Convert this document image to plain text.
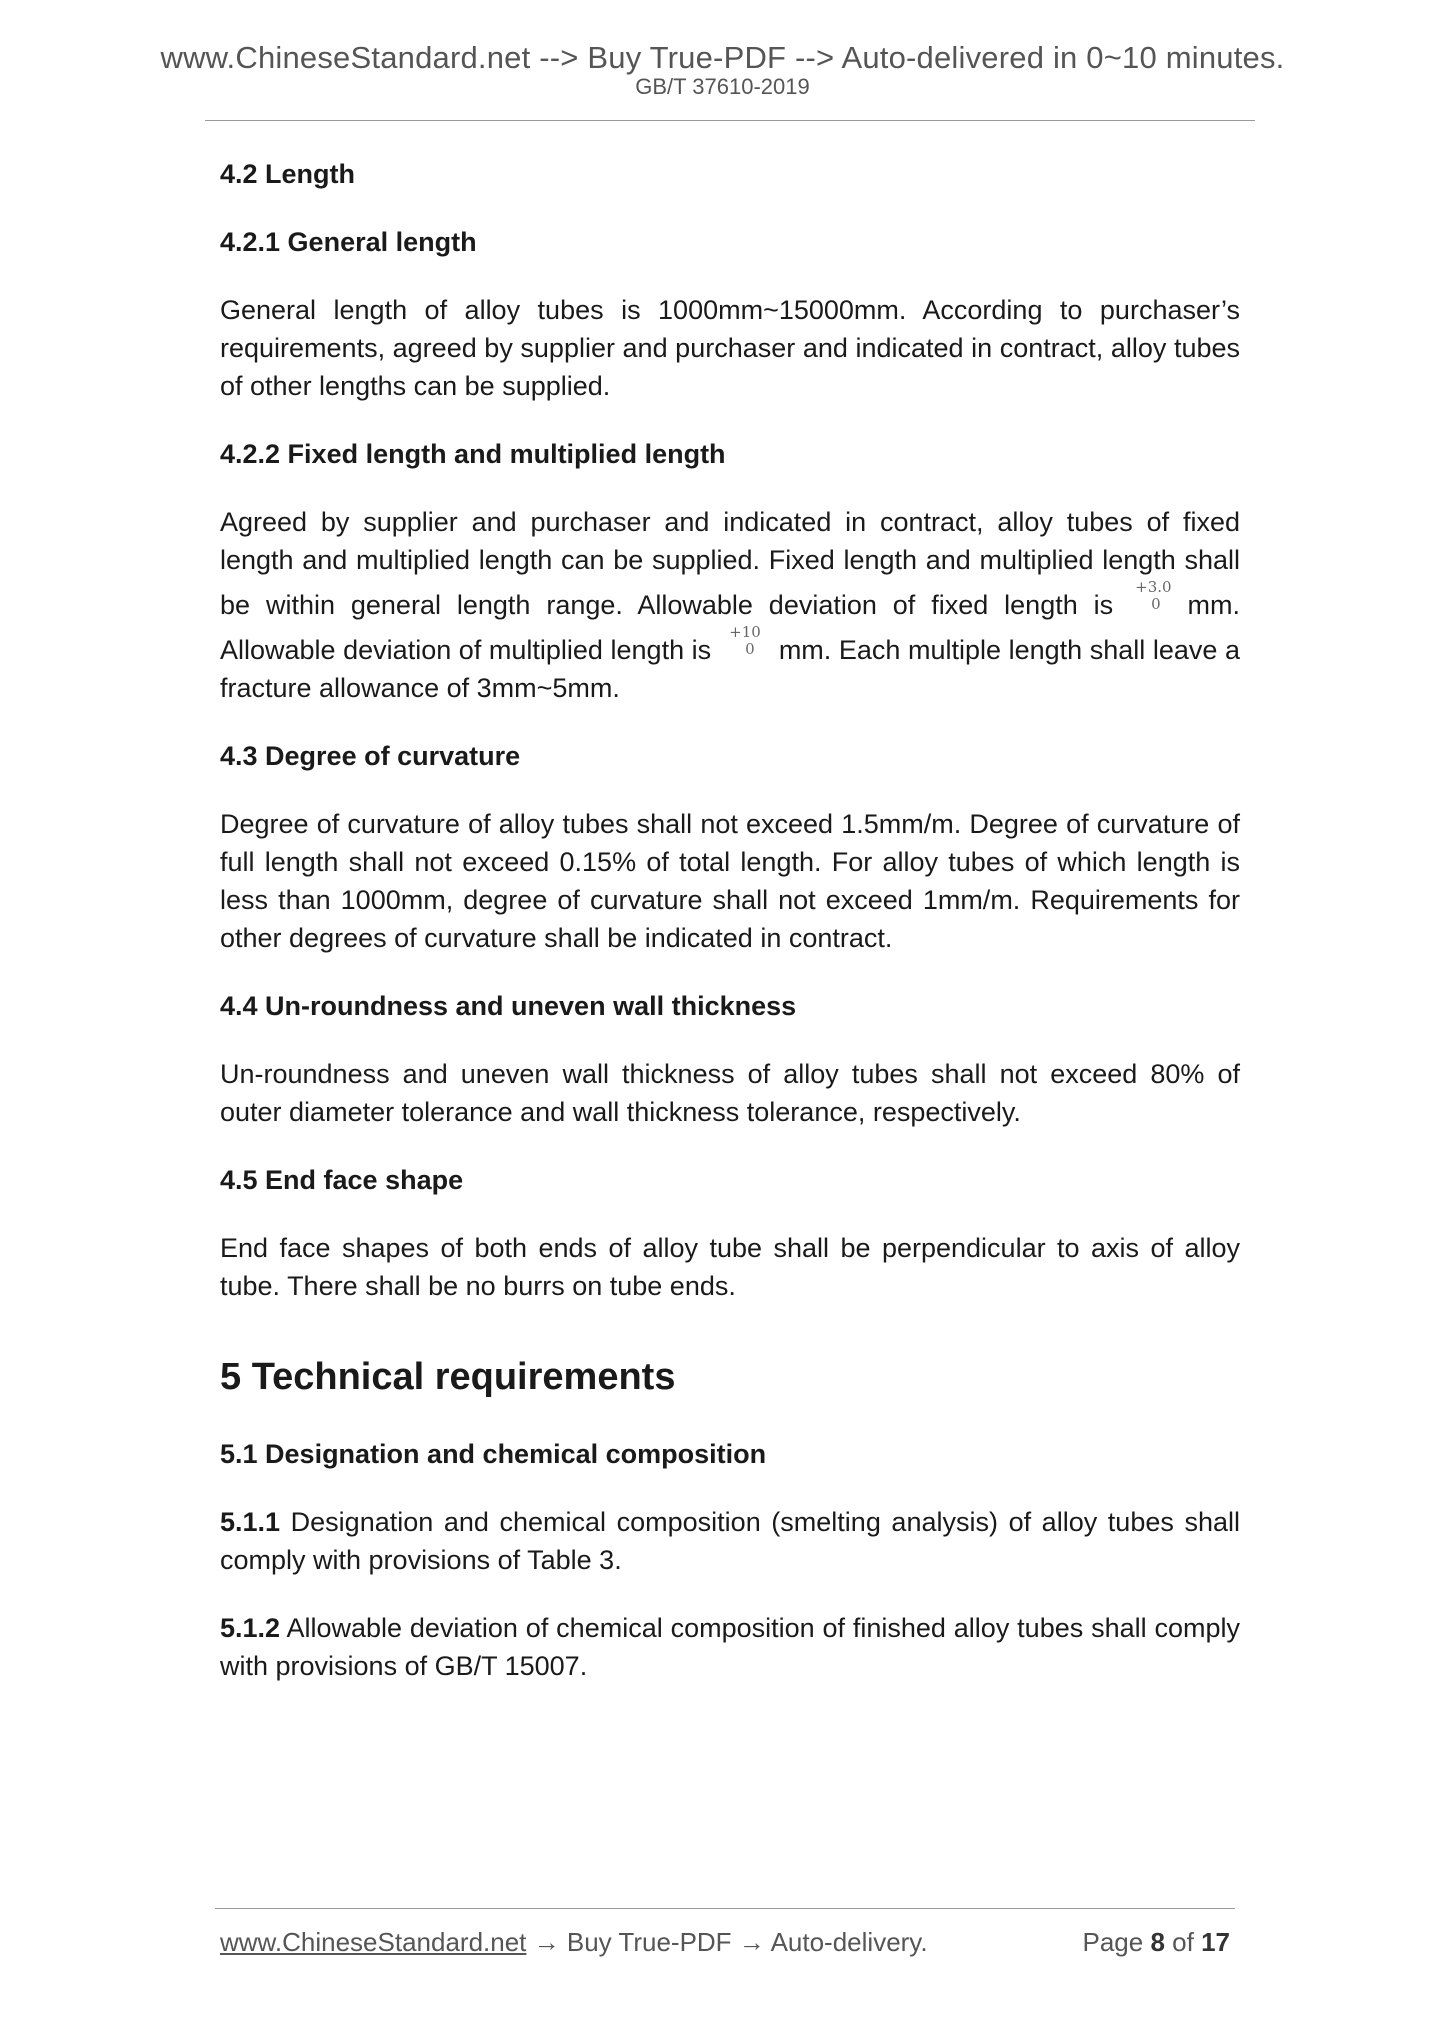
www.ChineseStandard.net --> Buy True-PDF --> Auto-delivered in 0~10 minutes.
GB/T 37610-2019
4.2 Length
4.2.1 General length
General length of alloy tubes is 1000mm~15000mm. According to purchaser’s requirements, agreed by supplier and purchaser and indicated in contract, alloy tubes of other lengths can be supplied.
4.2.2 Fixed length and multiplied length
Agreed by supplier and purchaser and indicated in contract, alloy tubes of fixed length and multiplied length can be supplied. Fixed length and multiplied length shall be within general length range. Allowable deviation of fixed length is
+3.0
0 mm. Allowable deviation of multiplied length is
+10
0 mm. Each multiple length shall leave a fracture allowance of 3mm~5mm.
4.3 Degree of curvature
Degree of curvature of alloy tubes shall not exceed 1.5mm/m. Degree of curvature of full length shall not exceed 0.15% of total length. For alloy tubes of which length is less than 1000mm, degree of curvature shall not exceed 1mm/m. Requirements for other degrees of curvature shall be indicated in contract.
4.4 Un-roundness and uneven wall thickness
Un-roundness and uneven wall thickness of alloy tubes shall not exceed 80% of outer diameter tolerance and wall thickness tolerance, respectively.
4.5 End face shape
End face shapes of both ends of alloy tube shall be perpendicular to axis of alloy tube. There shall be no burrs on tube ends.
5 Technical requirements
5.1 Designation and chemical composition
5.1.1 Designation and chemical composition (smelting analysis) of alloy tubes shall comply with provisions of Table 3.
5.1.2 Allowable deviation of chemical composition of finished alloy tubes shall comply with provisions of GB/T 15007.
www.ChineseStandard.net → Buy True-PDF → Auto-delivery.	Page 8 of 17
